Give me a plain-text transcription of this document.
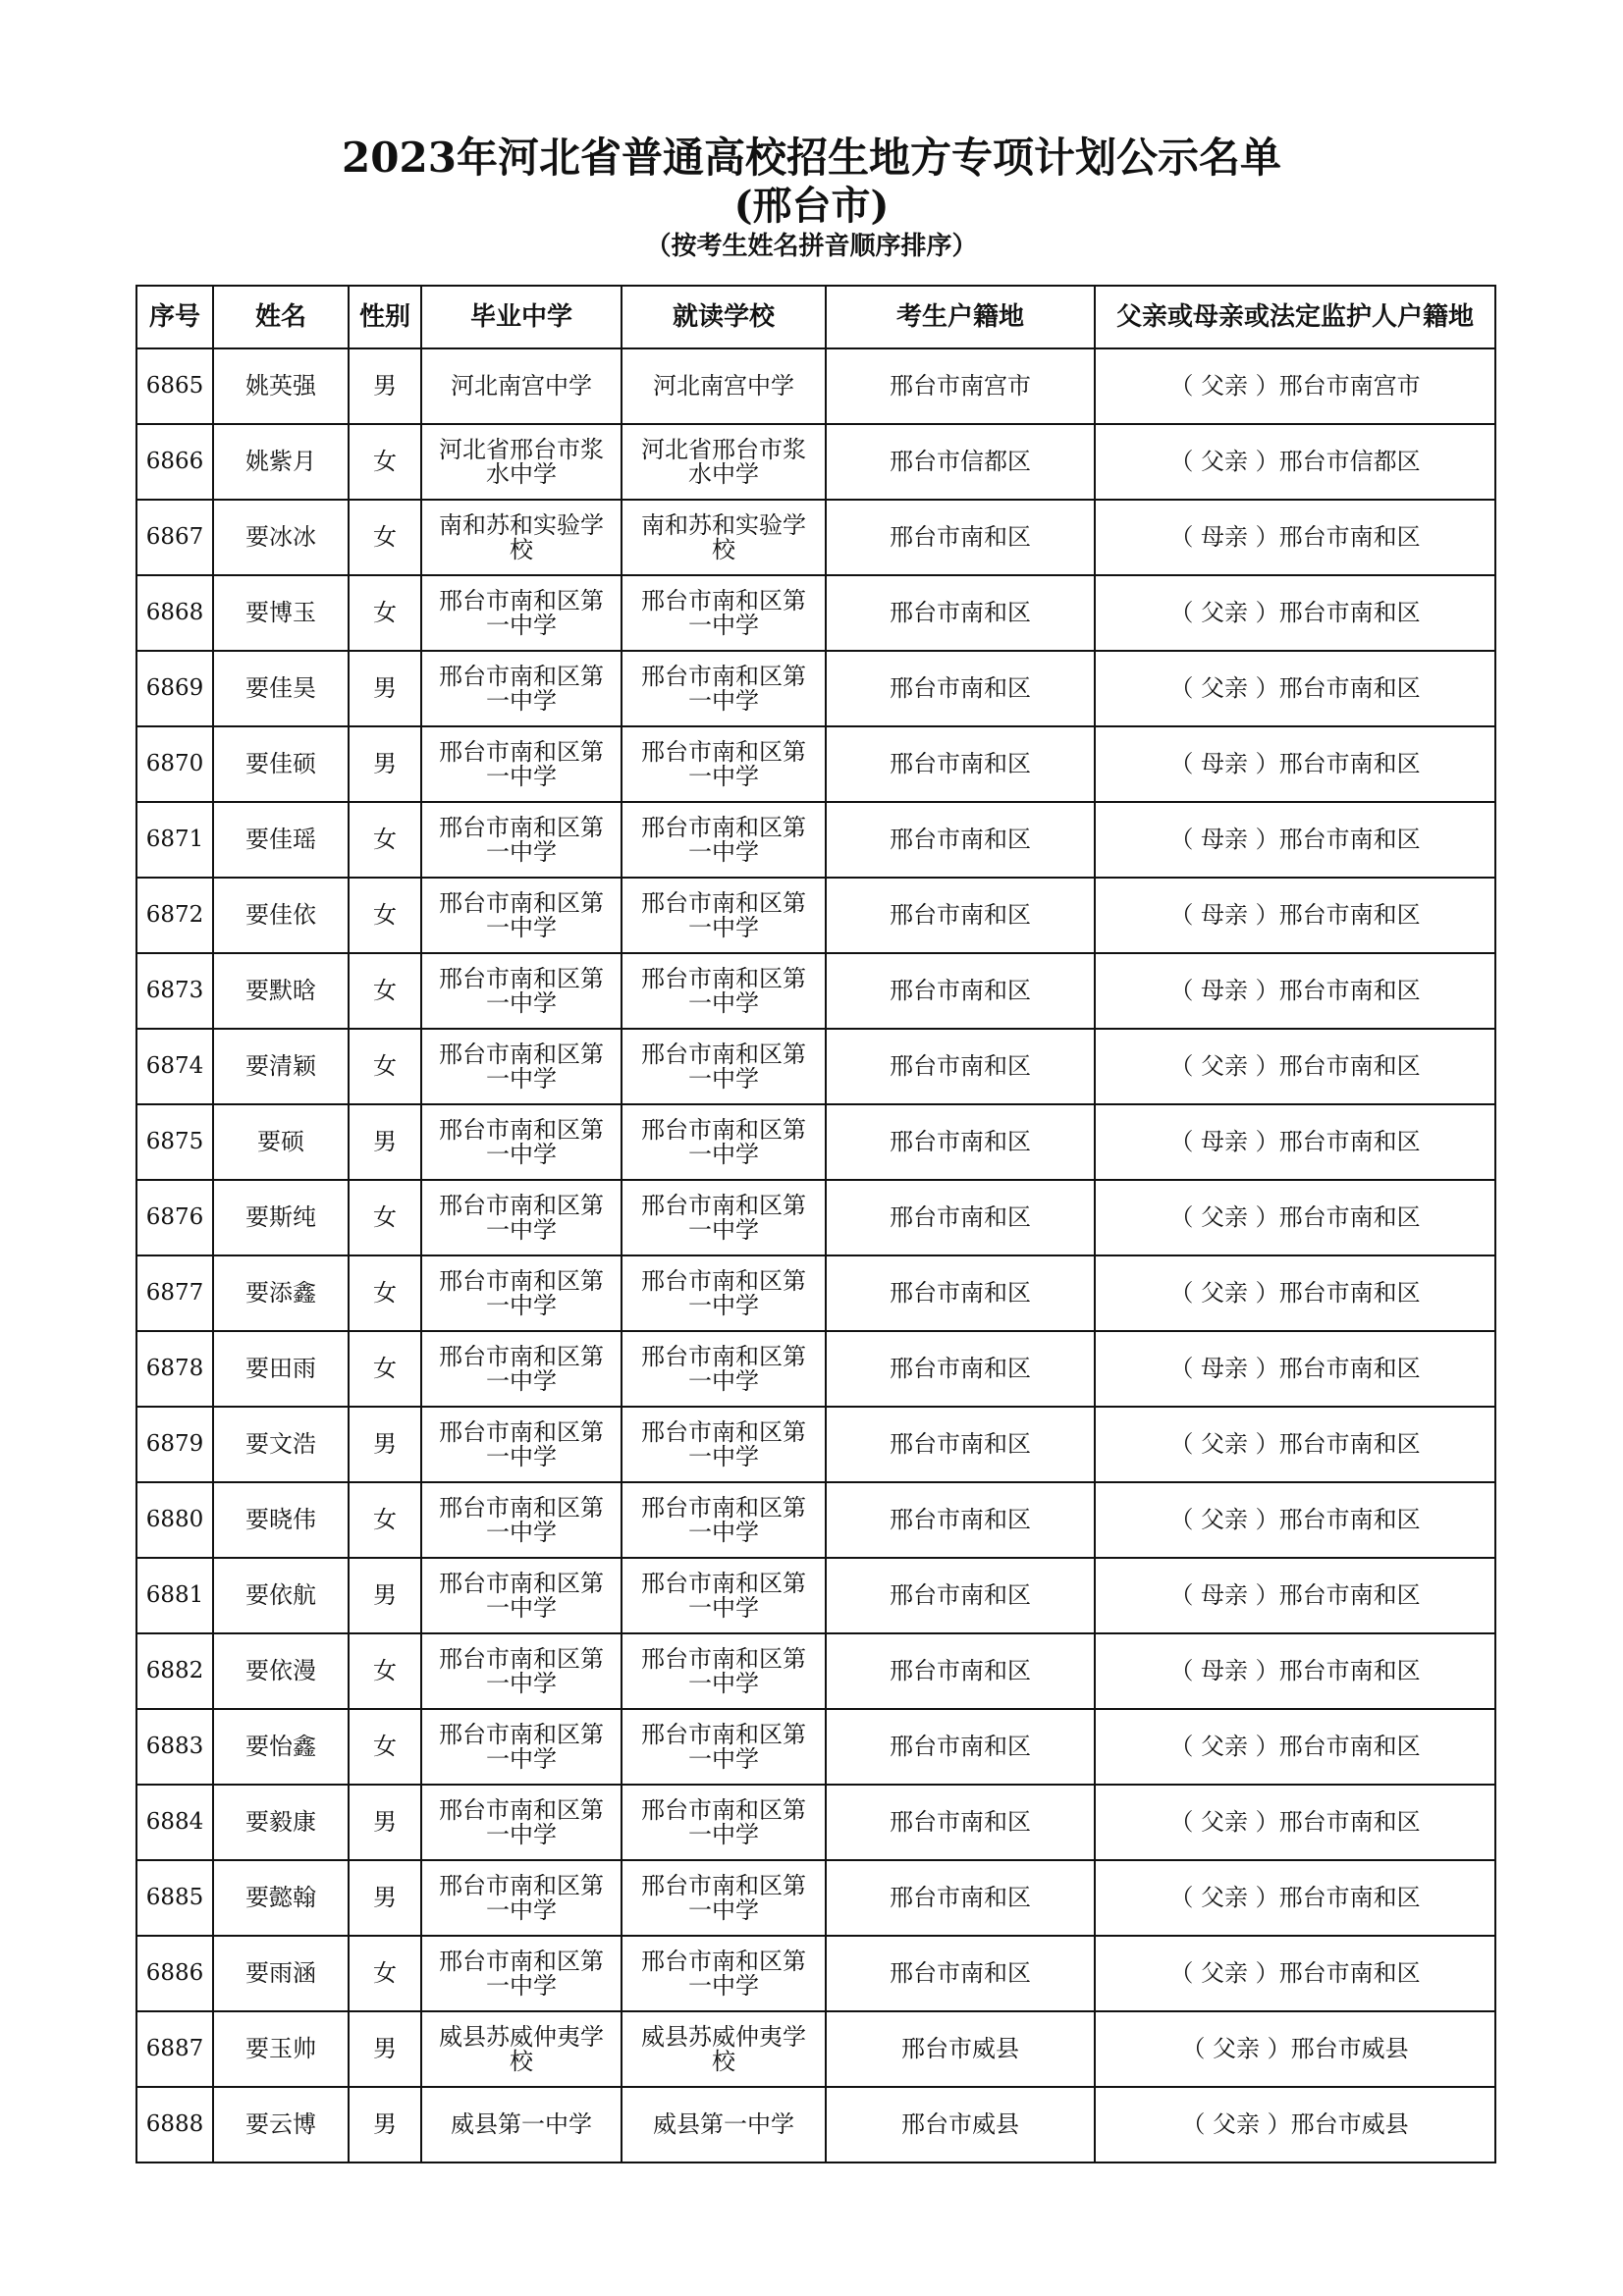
2023年河北省普通高校招生地方专项计划公示名单
(邢台市)
（按考生姓名拼音顺序排序）
序号	姓名	性别	毕业中学	就读学校	考生户籍地	父亲或母亲或法定监护人户籍地
6865	姚英强	男	河北南宫中学	河北南宫中学	邢台市南宫市	（ 父亲 ）邢台市南宫市
6866	姚紫月	女	河北省邢台市浆水中学	河北省邢台市浆水中学	邢台市信都区	（ 父亲 ）邢台市信都区
6867	要冰冰	女	南和苏和实验学校	南和苏和实验学校	邢台市南和区	（ 母亲 ）邢台市南和区
6868	要博玉	女	邢台市南和区第一中学	邢台市南和区第一中学	邢台市南和区	（ 父亲 ）邢台市南和区
6869	要佳昊	男	邢台市南和区第一中学	邢台市南和区第一中学	邢台市南和区	（ 父亲 ）邢台市南和区
6870	要佳硕	男	邢台市南和区第一中学	邢台市南和区第一中学	邢台市南和区	（ 母亲 ）邢台市南和区
6871	要佳瑶	女	邢台市南和区第一中学	邢台市南和区第一中学	邢台市南和区	（ 母亲 ）邢台市南和区
6872	要佳依	女	邢台市南和区第一中学	邢台市南和区第一中学	邢台市南和区	（ 母亲 ）邢台市南和区
6873	要默晗	女	邢台市南和区第一中学	邢台市南和区第一中学	邢台市南和区	（ 母亲 ）邢台市南和区
6874	要清颖	女	邢台市南和区第一中学	邢台市南和区第一中学	邢台市南和区	（ 父亲 ）邢台市南和区
6875	要硕	男	邢台市南和区第一中学	邢台市南和区第一中学	邢台市南和区	（ 母亲 ）邢台市南和区
6876	要斯纯	女	邢台市南和区第一中学	邢台市南和区第一中学	邢台市南和区	（ 父亲 ）邢台市南和区
6877	要添鑫	女	邢台市南和区第一中学	邢台市南和区第一中学	邢台市南和区	（ 父亲 ）邢台市南和区
6878	要田雨	女	邢台市南和区第一中学	邢台市南和区第一中学	邢台市南和区	（ 母亲 ）邢台市南和区
6879	要文浩	男	邢台市南和区第一中学	邢台市南和区第一中学	邢台市南和区	（ 父亲 ）邢台市南和区
6880	要晓伟	女	邢台市南和区第一中学	邢台市南和区第一中学	邢台市南和区	（ 父亲 ）邢台市南和区
6881	要依航	男	邢台市南和区第一中学	邢台市南和区第一中学	邢台市南和区	（ 母亲 ）邢台市南和区
6882	要依漫	女	邢台市南和区第一中学	邢台市南和区第一中学	邢台市南和区	（ 母亲 ）邢台市南和区
6883	要怡鑫	女	邢台市南和区第一中学	邢台市南和区第一中学	邢台市南和区	（ 父亲 ）邢台市南和区
6884	要毅康	男	邢台市南和区第一中学	邢台市南和区第一中学	邢台市南和区	（ 父亲 ）邢台市南和区
6885	要懿翰	男	邢台市南和区第一中学	邢台市南和区第一中学	邢台市南和区	（ 父亲 ）邢台市南和区
6886	要雨涵	女	邢台市南和区第一中学	邢台市南和区第一中学	邢台市南和区	（ 父亲 ）邢台市南和区
6887	要玉帅	男	威县苏威仲夷学校	威县苏威仲夷学校	邢台市威县	（ 父亲 ）邢台市威县
6888	要云博	男	威县第一中学	威县第一中学	邢台市威县	（ 父亲 ）邢台市威县
